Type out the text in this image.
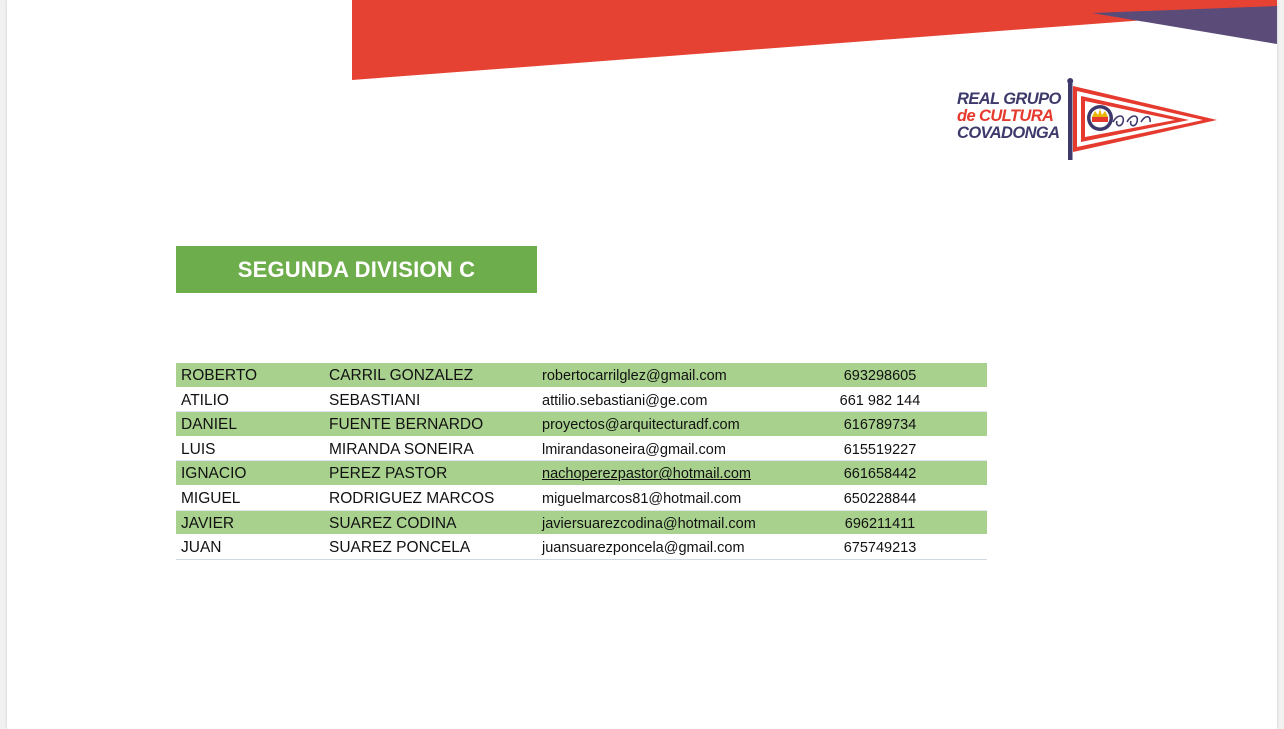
REAL GRUPO
de CULTURA
COVADONGA
SEGUNDA DIVISION C
ROBERTO	CARRIL GONZALEZ	robertocarrilglez@gmail.com	693298605
ATILIO	SEBASTIANI	attilio.sebastiani@ge.com	661 982 144
DANIEL	FUENTE BERNARDO	proyectos@arquitecturadf.com	616789734
LUIS	MIRANDA SONEIRA	lmirandasoneira@gmail.com	615519227
IGNACIO	PEREZ PASTOR	nachoperezpastor@hotmail.com	661658442
MIGUEL	RODRIGUEZ MARCOS	miguelmarcos81@hotmail.com	650228844
JAVIER	SUAREZ CODINA	javiersuarezcodina@hotmail.com	696211411
JUAN	SUAREZ PONCELA	juansuarezponcela@gmail.com	675749213
